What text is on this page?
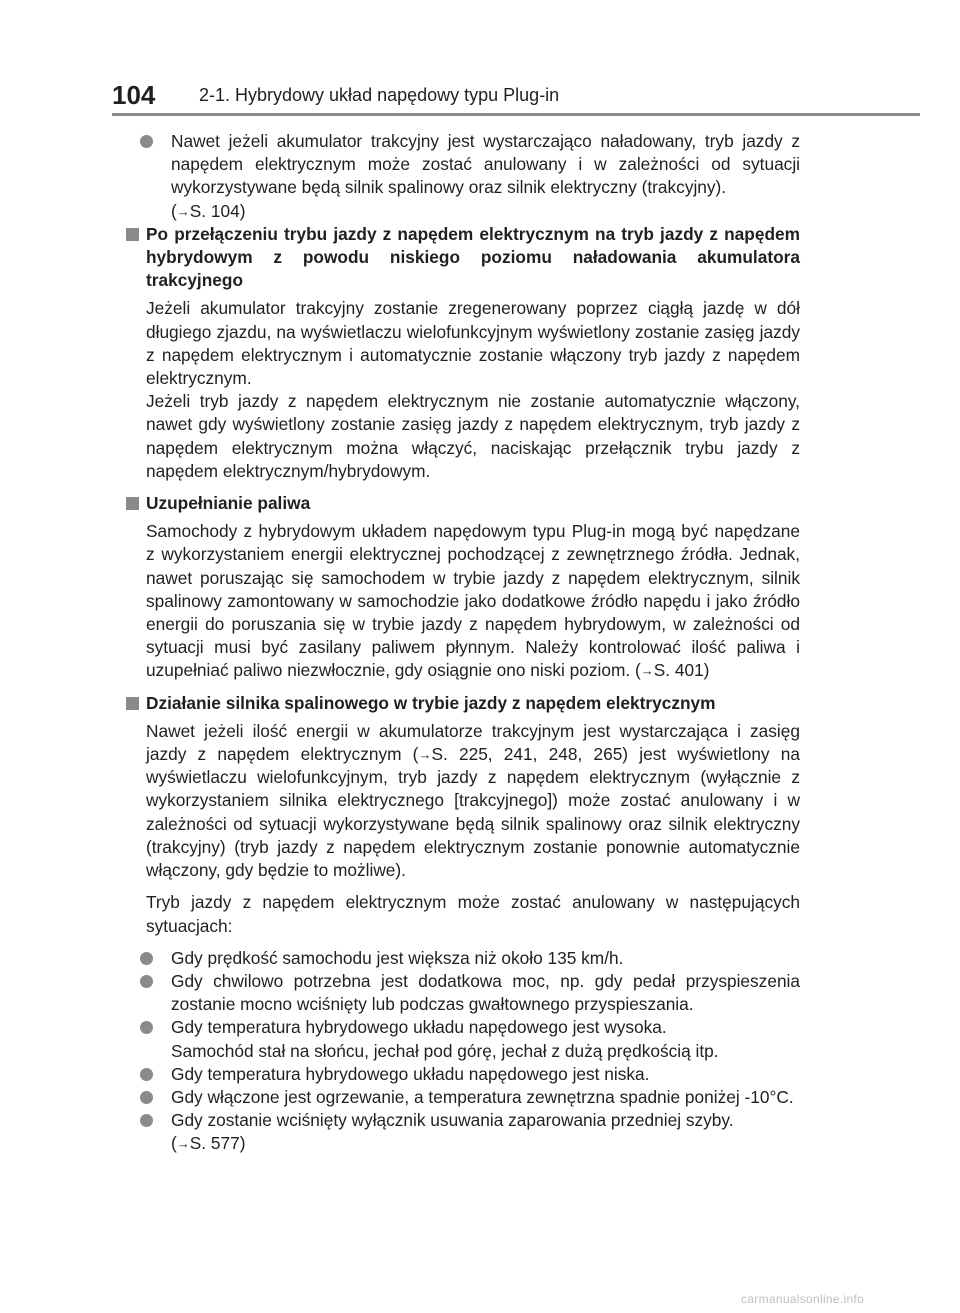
104 2-1. Hybrydowy układ napędowy typu Plug-in
Nawet jeżeli akumulator trakcyjny jest wystarczająco naładowany, tryb jazdy z napędem elektrycznym może zostać anulowany i w zależności od sytuacji wykorzystywane będą silnik spalinowy oraz silnik elektryczny (trakcyjny).
(→S. 104)
Po przełączeniu trybu jazdy z napędem elektrycznym na tryb jazdy z napędem hybrydowym z powodu niskiego poziomu naładowania akumulatora trakcyjnego
Jeżeli akumulator trakcyjny zostanie zregenerowany poprzez ciągłą jazdę w dół długiego zjazdu, na wyświetlaczu wielofunkcyjnym wyświetlony zostanie zasięg jazdy z napędem elektrycznym i automatycznie zostanie włączony tryb jazdy z napędem elektrycznym.
Jeżeli tryb jazdy z napędem elektrycznym nie zostanie automatycznie włączony, nawet gdy wyświetlony zostanie zasięg jazdy z napędem elektrycznym, tryb jazdy z napędem elektrycznym można włączyć, naciskając przełącznik trybu jazdy z napędem elektrycznym/hybrydowym.
Uzupełnianie paliwa
Samochody z hybrydowym układem napędowym typu Plug-in mogą być napędzane z wykorzystaniem energii elektrycznej pochodzącej z zewnętrznego źródła. Jednak, nawet poruszając się samochodem w trybie jazdy z napędem elektrycznym, silnik spalinowy zamontowany w samochodzie jako dodatkowe źródło napędu i jako źródło energii do poruszania się w trybie jazdy z napędem hybrydowym, w zależności od sytuacji musi być zasilany paliwem płynnym. Należy kontrolować ilość paliwa i uzupełniać paliwo niezwłocznie, gdy osiągnie ono niski poziom. (→S. 401)
Działanie silnika spalinowego w trybie jazdy z napędem elektrycznym
Nawet jeżeli ilość energii w akumulatorze trakcyjnym jest wystarczająca i zasięg jazdy z napędem elektrycznym (→S. 225, 241, 248, 265) jest wyświetlony na wyświetlaczu wielofunkcyjnym, tryb jazdy z napędem elektrycznym (wyłącznie z wykorzystaniem silnika elektrycznego [trakcyjnego]) może zostać anulowany i w zależności od sytuacji wykorzystywane będą silnik spalinowy oraz silnik elektryczny (trakcyjny) (tryb jazdy z napędem elektrycznym zostanie ponownie automatycznie włączony, gdy będzie to możliwe).
Tryb jazdy z napędem elektrycznym może zostać anulowany w następujących sytuacjach:
Gdy prędkość samochodu jest większa niż około 135 km/h.
Gdy chwilowo potrzebna jest dodatkowa moc, np. gdy pedał przyspieszenia zostanie mocno wciśnięty lub podczas gwałtownego przyspieszania.
Gdy temperatura hybrydowego układu napędowego jest wysoka.
Samochód stał na słońcu, jechał pod górę, jechał z dużą prędkością itp.
Gdy temperatura hybrydowego układu napędowego jest niska.
Gdy włączone jest ogrzewanie, a temperatura zewnętrzna spadnie poniżej -10°C.
Gdy zostanie wciśnięty wyłącznik usuwania zaparowania przedniej szyby.
(→S. 577)
carmanualsonline.info
